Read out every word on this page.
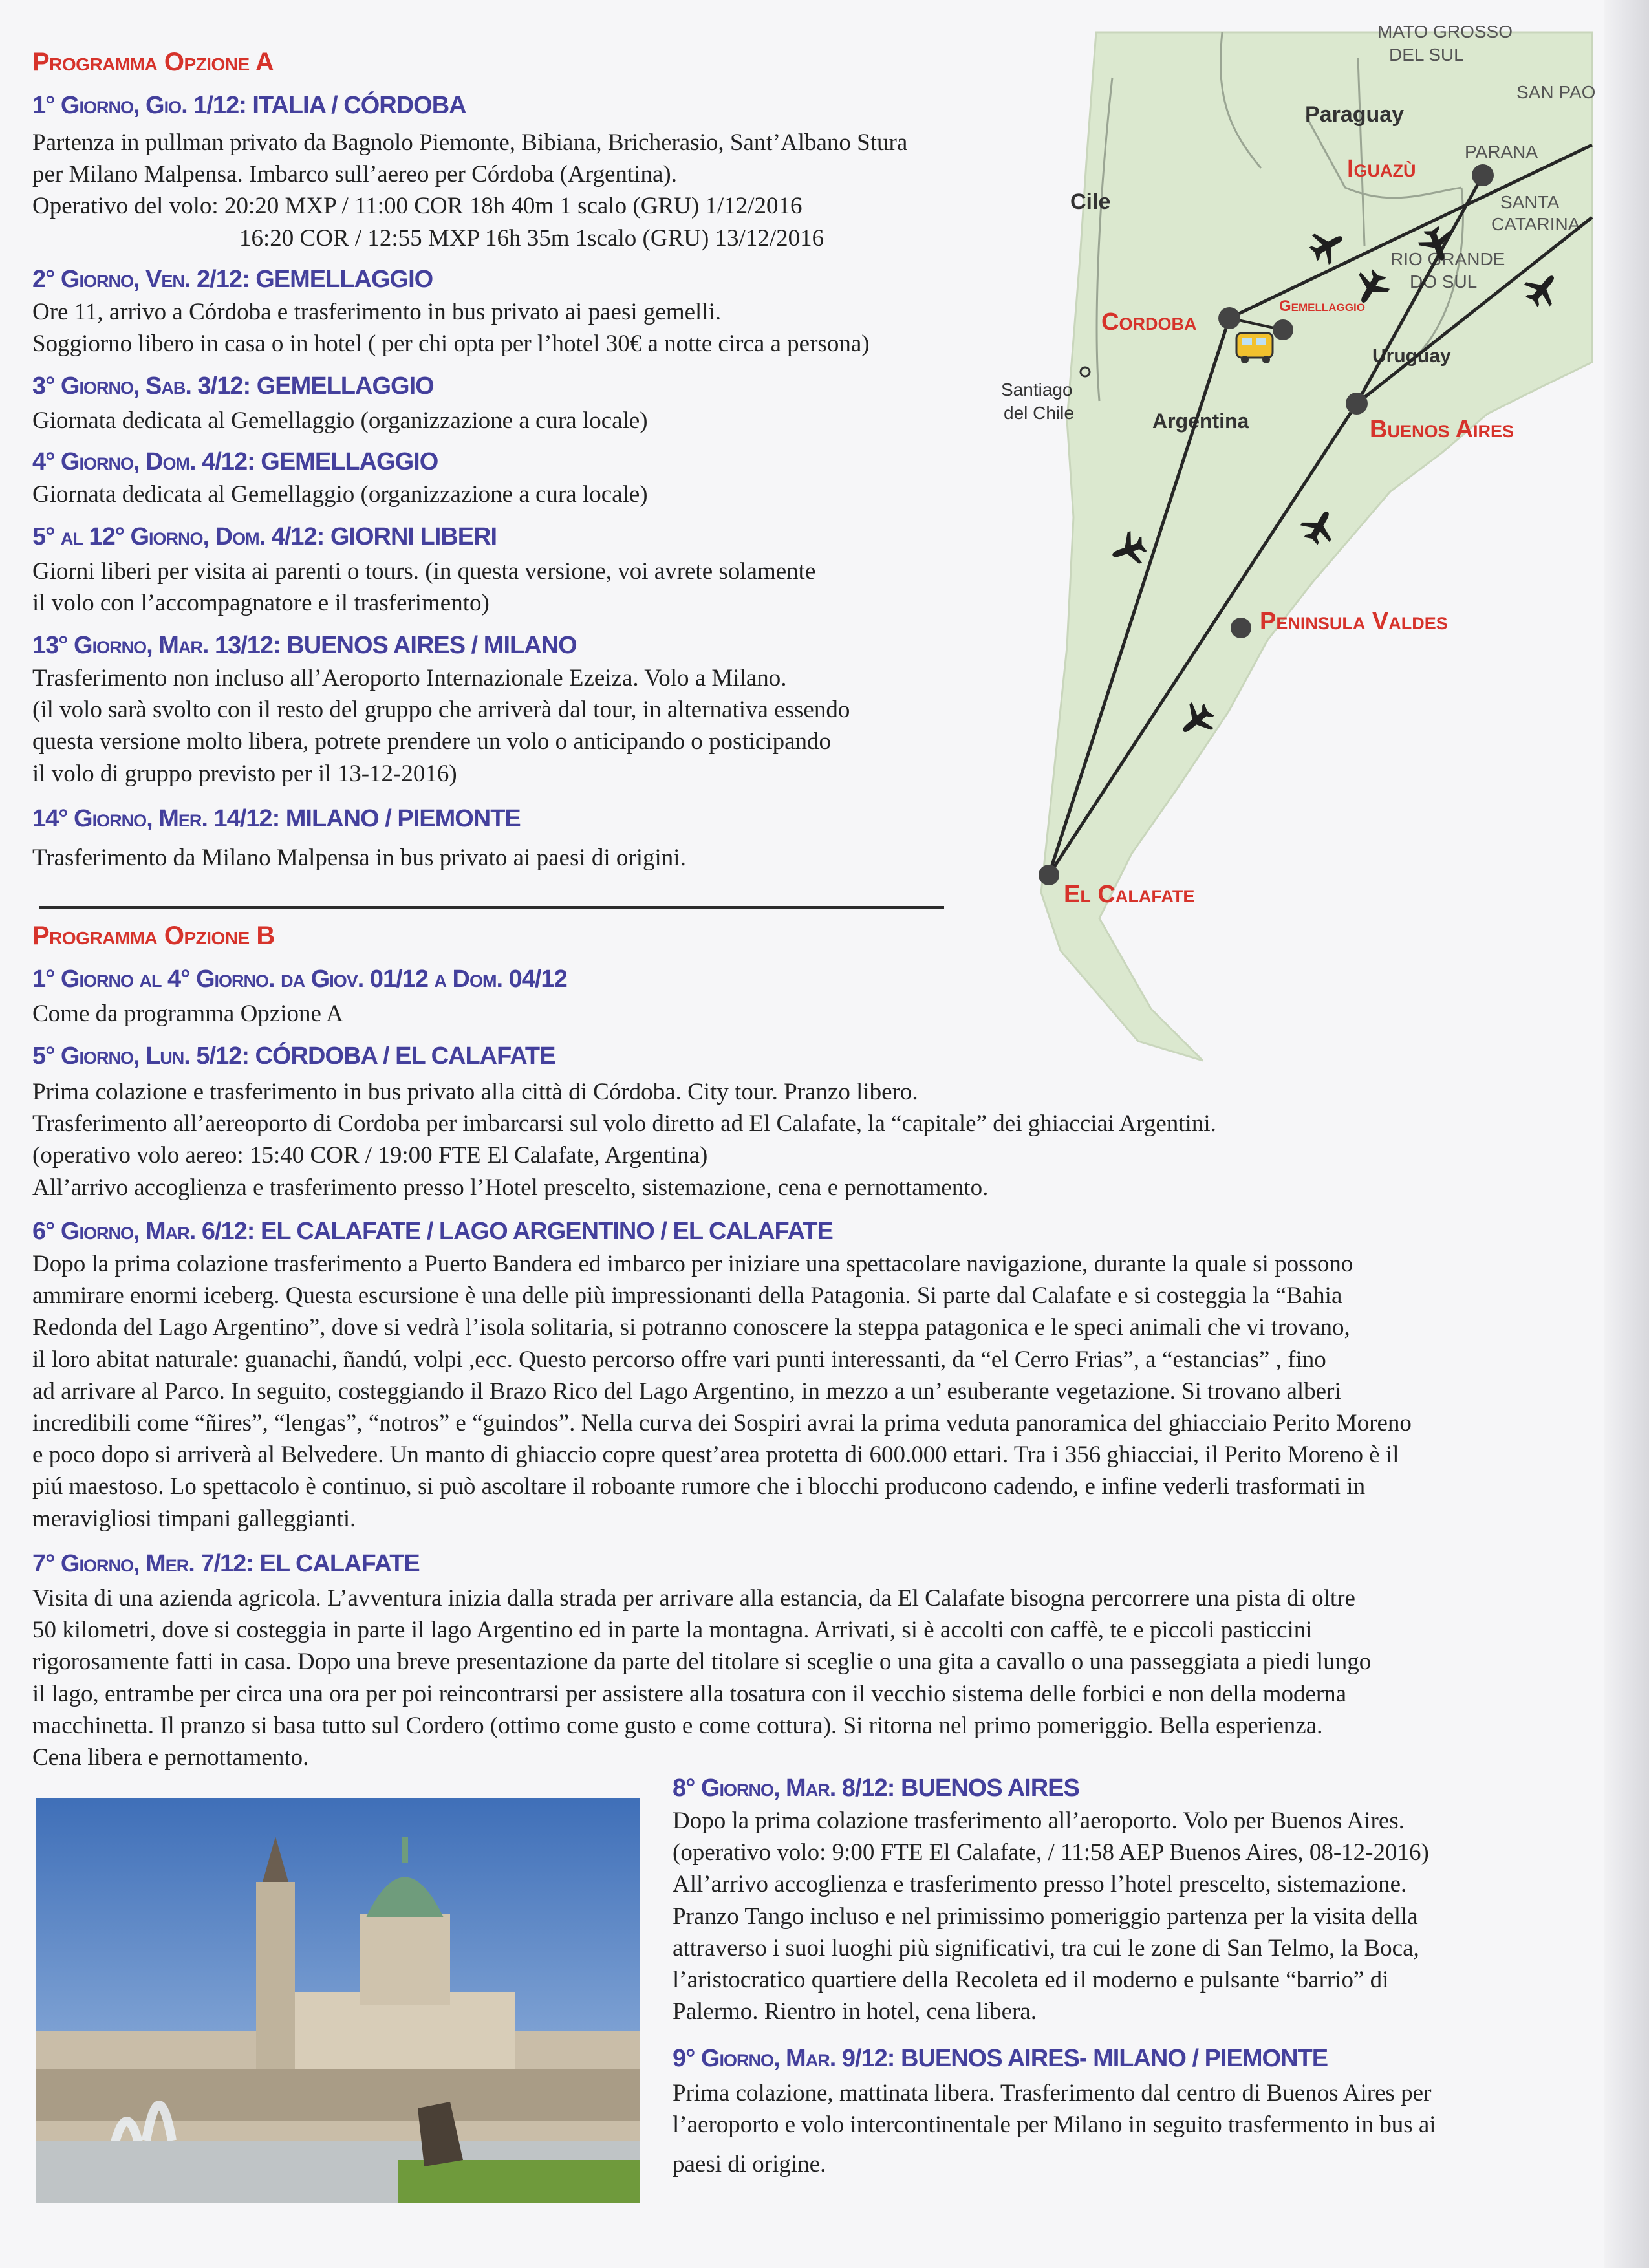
Programma Opzione A
1° Giorno, Gio. 1/12: ITALIA / CÓRDOBA
Partenza in pullman privato da Bagnolo Piemonte, Bibiana, Bricherasio, Sant’Albano Stura
per Milano Malpensa. Imbarco sull’aereo per Córdoba (Argentina).
Operativo del volo: 20:20 MXP / 11:00 COR 18h 40m 1 scalo (GRU) 1/12/2016
16:20 COR / 12:55 MXP 16h 35m 1scalo (GRU) 13/12/2016
2° Giorno, Ven. 2/12: GEMELLAGGIO
Ore 11, arrivo a Córdoba e trasferimento in bus privato ai paesi gemelli.
Soggiorno libero in casa o in hotel ( per chi opta per l’hotel 30€ a notte circa a persona)
3° Giorno, Sab. 3/12: GEMELLAGGIO
Giornata dedicata al Gemellaggio (organizzazione a cura locale)
4° Giorno, Dom. 4/12: GEMELLAGGIO
Giornata dedicata al Gemellaggio (organizzazione a cura locale)
5° al 12° Giorno, Dom. 4/12: GIORNI LIBERI
Giorni liberi per visita ai parenti o tours. (in questa versione, voi avrete solamente
il volo con l’accompagnatore e il trasferimento)
13° Giorno, Mar. 13/12: BUENOS AIRES / MILANO
Trasferimento non incluso all’Aeroporto Internazionale Ezeiza. Volo a Milano.
(il volo sarà svolto con il resto del gruppo che arriverà dal tour, in alternativa essendo
questa versione molto libera, potrete prendere un volo o anticipando o posticipando
il volo di gruppo previsto per il 13-12-2016)
14° Giorno, Mer. 14/12: MILANO / PIEMONTE
Trasferimento da Milano Malpensa in bus privato ai paesi di origini.
Programma Opzione B
1° Giorno al 4° Giorno. da Giov. 01/12 a Dom. 04/12
Come da programma Opzione A
5° Giorno, Lun. 5/12: CÓRDOBA / EL CALAFATE
Prima colazione e trasferimento in bus privato alla città di Córdoba. City tour. Pranzo libero.
Trasferimento all’aereoporto di Cordoba per imbarcarsi sul volo diretto ad El Calafate, la “capitale” dei ghiacciai Argentini.
(operativo volo aereo: 15:40 COR / 19:00 FTE El Calafate, Argentina)
All’arrivo accoglienza e trasferimento presso l’Hotel prescelto, sistemazione, cena e pernottamento.
6° Giorno, Mar. 6/12: EL CALAFATE / LAGO ARGENTINO / EL CALAFATE
Dopo la prima colazione trasferimento a Puerto Bandera ed imbarco per iniziare una spettacolare navigazione, durante la quale si possono
ammirare enormi iceberg. Questa escursione è una delle più impressionanti della Patagonia. Si parte dal Calafate e si costeggia la “Bahia
Redonda del Lago Argentino”, dove si vedrà l’isola solitaria, si potranno conoscere la steppa patagonica e le speci animali che vi trovano,
il loro abitat naturale: guanachi, ñandú, volpi ,ecc. Questo percorso offre vari punti interessanti, da “el Cerro Frias”, a “estancias” , fino
ad arrivare al Parco. In seguito, costeggiando il Brazo Rico del Lago Argentino, in mezzo a un’ esuberante vegetazione. Si trovano alberi
incredibili come “ñires”, “lengas”, “notros” e “guindos”. Nella curva dei Sospiri avrai la prima veduta panoramica del ghiacciaio Perito Moreno
e poco dopo si arriverà al Belvedere. Un manto di ghiaccio copre quest’area protetta di 600.000 ettari. Tra i 356 ghiacciai, il Perito Moreno è il
piú maestoso. Lo spettacolo è continuo, si può ascoltare il roboante rumore che i blocchi producono cadendo, e infine vederli trasformati in
meravigliosi timpani galleggianti.
7° Giorno, Mer. 7/12: EL CALAFATE
Visita di una azienda agricola. L’avventura inizia dalla strada per arrivare alla estancia, da El Calafate bisogna percorrere una pista di oltre
50 kilometri, dove si costeggia in parte il lago Argentino ed in parte la montagna. Arrivati, si è accolti con caffè, te e piccoli pasticcini
rigorosamente fatti in casa. Dopo una breve presentazione da parte del titolare si sceglie o una gita a cavallo o una passeggiata a piedi lungo
il lago, entrambe per circa una ora per poi reincontrarsi per assistere alla tosatura con il vecchio sistema delle forbici e non della moderna
macchinetta. Il pranzo si basa tutto sul Cordero (ottimo come gusto e come cottura). Si ritorna nel primo pomeriggio. Bella esperienza.
Cena libera e pernottamento.
8° Giorno, Mar. 8/12: BUENOS AIRES
Dopo la prima colazione trasferimento all’aeroporto. Volo per Buenos Aires.
(operativo volo: 9:00 FTE El Calafate, / 11:58 AEP Buenos Aires, 08-12-2016)
All’arrivo accoglienza e trasferimento presso l’hotel prescelto, sistemazione.
Pranzo Tango incluso e nel primissimo pomeriggio partenza per la visita della
attraverso i suoi luoghi più significativi, tra cui le zone di San Telmo, la Boca,
l’aristocratico quartiere della Recoleta ed il moderno e pulsante “barrio” di
Palermo. Rientro in hotel, cena libera.
9° Giorno, Mar. 9/12: BUENOS AIRES- MILANO / PIEMONTE
Prima colazione, mattinata libera. Trasferimento dal centro di Buenos Aires per
l’aeroporto e volo intercontinentale per Milano in seguito trasfermento in bus ai
paesi di origine.
MATO GROSSO
DEL SUL
Paraguay
SAN PAO
PARANA
SANTA
CATARINA
RIO GRANDE
DO SUL
Cile
Uruguay
Santiago
del Chile	Argentina
Iguazù
Cordoba
Gemellaggio
Buenos Aires
Peninsula Valdes
El Calafate
